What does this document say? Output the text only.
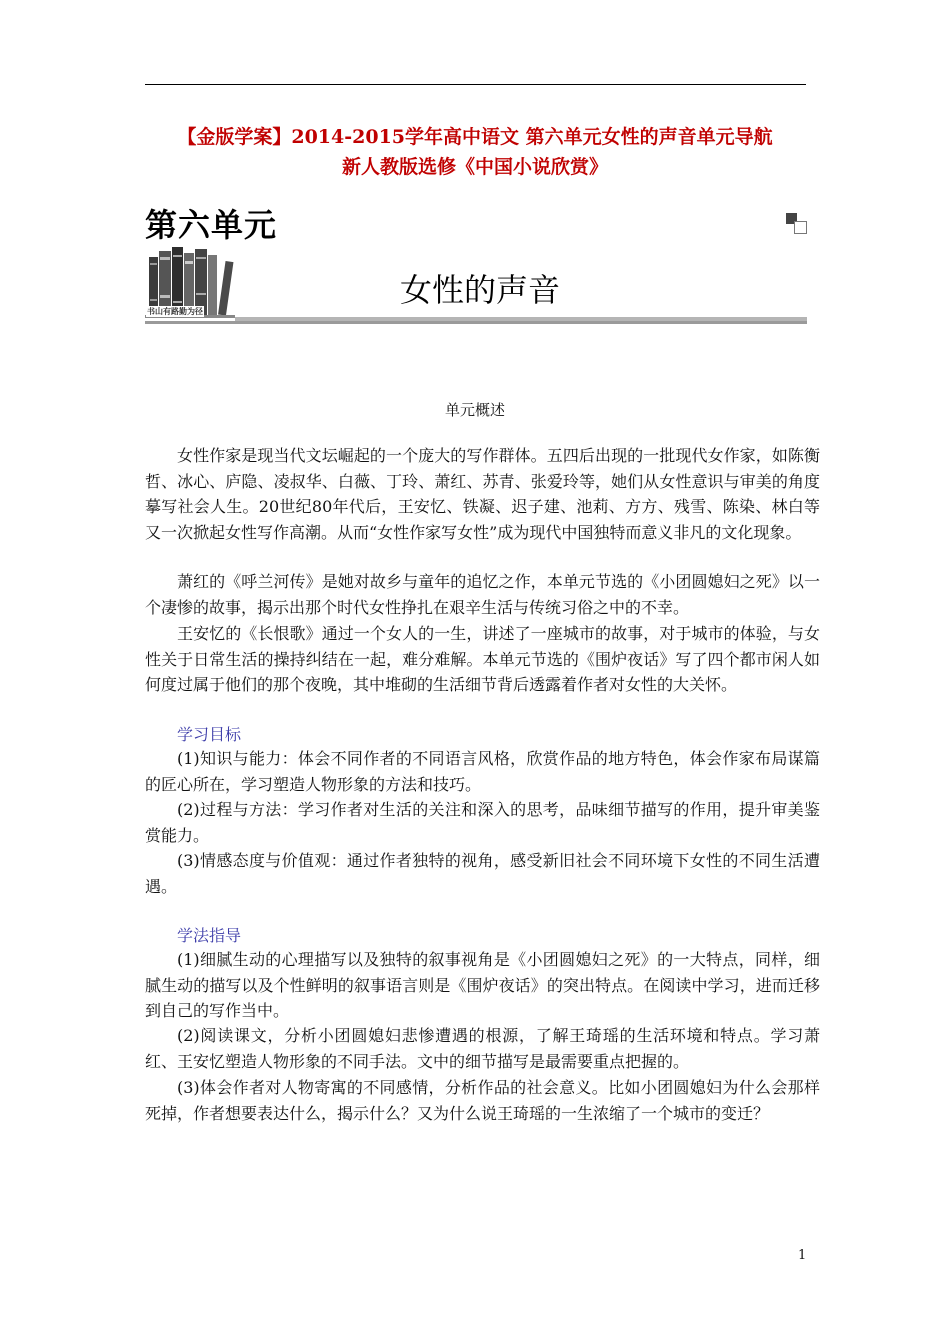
【金版学案】2014-2015学年高中语文 第六单元女性的声音单元导航
新人教版选修《中国小说欣赏》
第六单元
书山有路勤为径
女性的声音
单元概述

女性作家是现当代文坛崛起的一个庞大的写作群体。五四后出现的一批现代女作家，如陈衡哲、冰心、庐隐、凌叔华、白薇、丁玲、萧红、苏青、张爱玲等，她们从女性意识与审美的角度摹写社会人生。20世纪80年代后，王安忆、铁凝、迟子建、池莉、方方、残雪、陈染、林白等又一次掀起女性写作高潮。从而“女性作家写女性”成为现代中国独特而意义非凡的文化现象。

萧红的《呼兰河传》是她对故乡与童年的追忆之作，本单元节选的《小团圆媳妇之死》以一个凄惨的故事，揭示出那个时代女性挣扎在艰辛生活与传统习俗之中的不幸。

王安忆的《长恨歌》通过一个女人的一生，讲述了一座城市的故事，对于城市的体验，与女性关于日常生活的操持纠结在一起，难分难解。本单元节选的《围炉夜话》写了四个都市闲人如何度过属于他们的那个夜晚，其中堆砌的生活细节背后透露着作者对女性的大关怀。

学习目标

(1)知识与能力：体会不同作者的不同语言风格，欣赏作品的地方特色，体会作家布局谋篇的匠心所在，学习塑造人物形象的方法和技巧。

(2)过程与方法：学习作者对生活的关注和深入的思考，品味细节描写的作用，提升审美鉴赏能力。

(3)情感态度与价值观：通过作者独特的视角，感受新旧社会不同环境下女性的不同生活遭遇。

学法指导

(1)细腻生动的心理描写以及独特的叙事视角是《小团圆媳妇之死》的一大特点，同样，细腻生动的描写以及个性鲜明的叙事语言则是《围炉夜话》的突出特点。在阅读中学习，进而迁移到自己的写作当中。

(2)阅读课文，分析小团圆媳妇悲惨遭遇的根源，了解王琦瑶的生活环境和特点。学习萧红、王安忆塑造人物形象的不同手法。文中的细节描写是最需要重点把握的。

(3)体会作者对人物寄寓的不同感情，分析作品的社会意义。比如小团圆媳妇为什么会那样死掉，作者想要表达什么，揭示什么？又为什么说王琦瑶的一生浓缩了一个城市的变迁？

1
